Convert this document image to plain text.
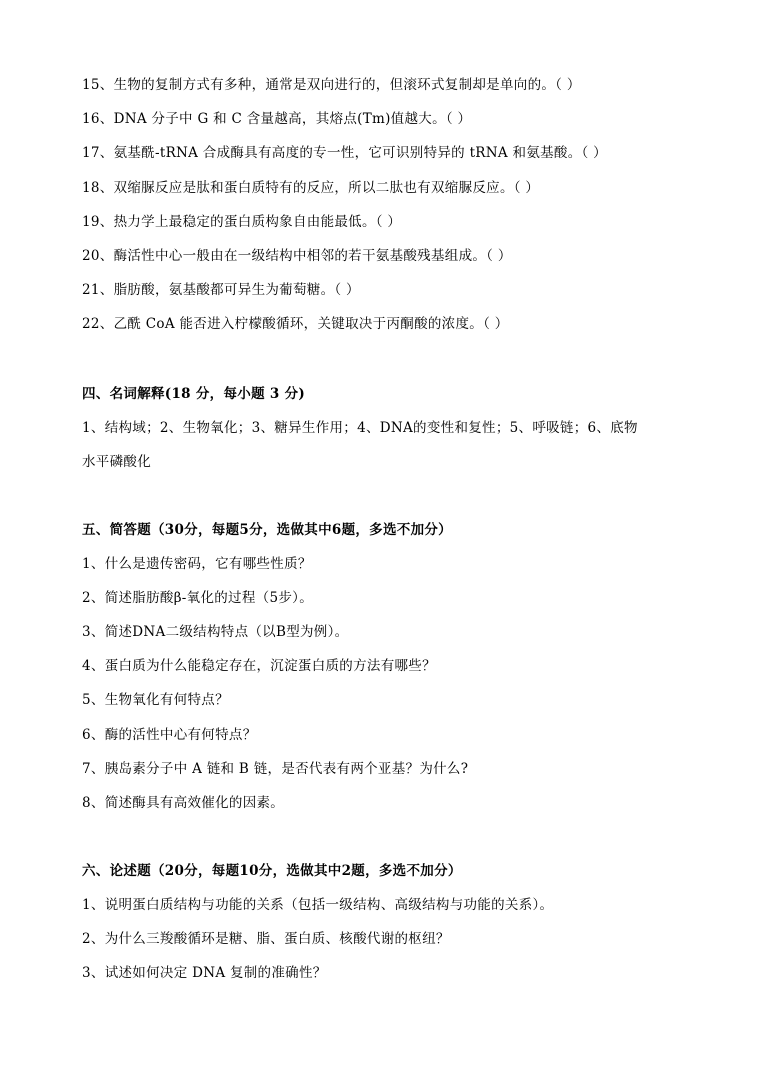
15、生物的复制方式有多种，通常是双向进行的，但滚环式复制却是单向的。（ ）
16、DNA 分子中 G 和 C 含量越高，其熔点(Tm)值越大。（ ）
17、氨基酰-tRNA 合成酶具有高度的专一性，它可识别特异的 tRNA 和氨基酸。（ ）
18、双缩脲反应是肽和蛋白质特有的反应，所以二肽也有双缩脲反应。（ ）
19、热力学上最稳定的蛋白质构象自由能最低。（ ）
20、酶活性中心一般由在一级结构中相邻的若干氨基酸残基组成。（ ）
21、脂肪酸，氨基酸都可异生为葡萄糖。（ ）
22、乙酰 CoA 能否进入柠檬酸循环，关键取决于丙酮酸的浓度。（ ）
四、名词解释(18 分，每小题 3 分)
1、结构域；2、生物氧化；3、糖异生作用；4、DNA的变性和复性；5、呼吸链；6、底物
水平磷酸化
五、简答题（30分，每题5分，选做其中6题，多选不加分）
1、什么是遗传密码，它有哪些性质？
2、简述脂肪酸β-氧化的过程（5步）。
3、简述DNA二级结构特点（以B型为例）。
4、蛋白质为什么能稳定存在，沉淀蛋白质的方法有哪些？
5、生物氧化有何特点？
6、酶的活性中心有何特点？
7、胰岛素分子中 A 链和 B 链，是否代表有两个亚基？为什么?
8、简述酶具有高效催化的因素。
六、论述题（20分，每题10分，选做其中2题，多选不加分）
1、说明蛋白质结构与功能的关系（包括一级结构、高级结构与功能的关系）。
2、为什么三羧酸循环是糖、脂、蛋白质、核酸代谢的枢纽？
3、试述如何决定 DNA 复制的准确性？
